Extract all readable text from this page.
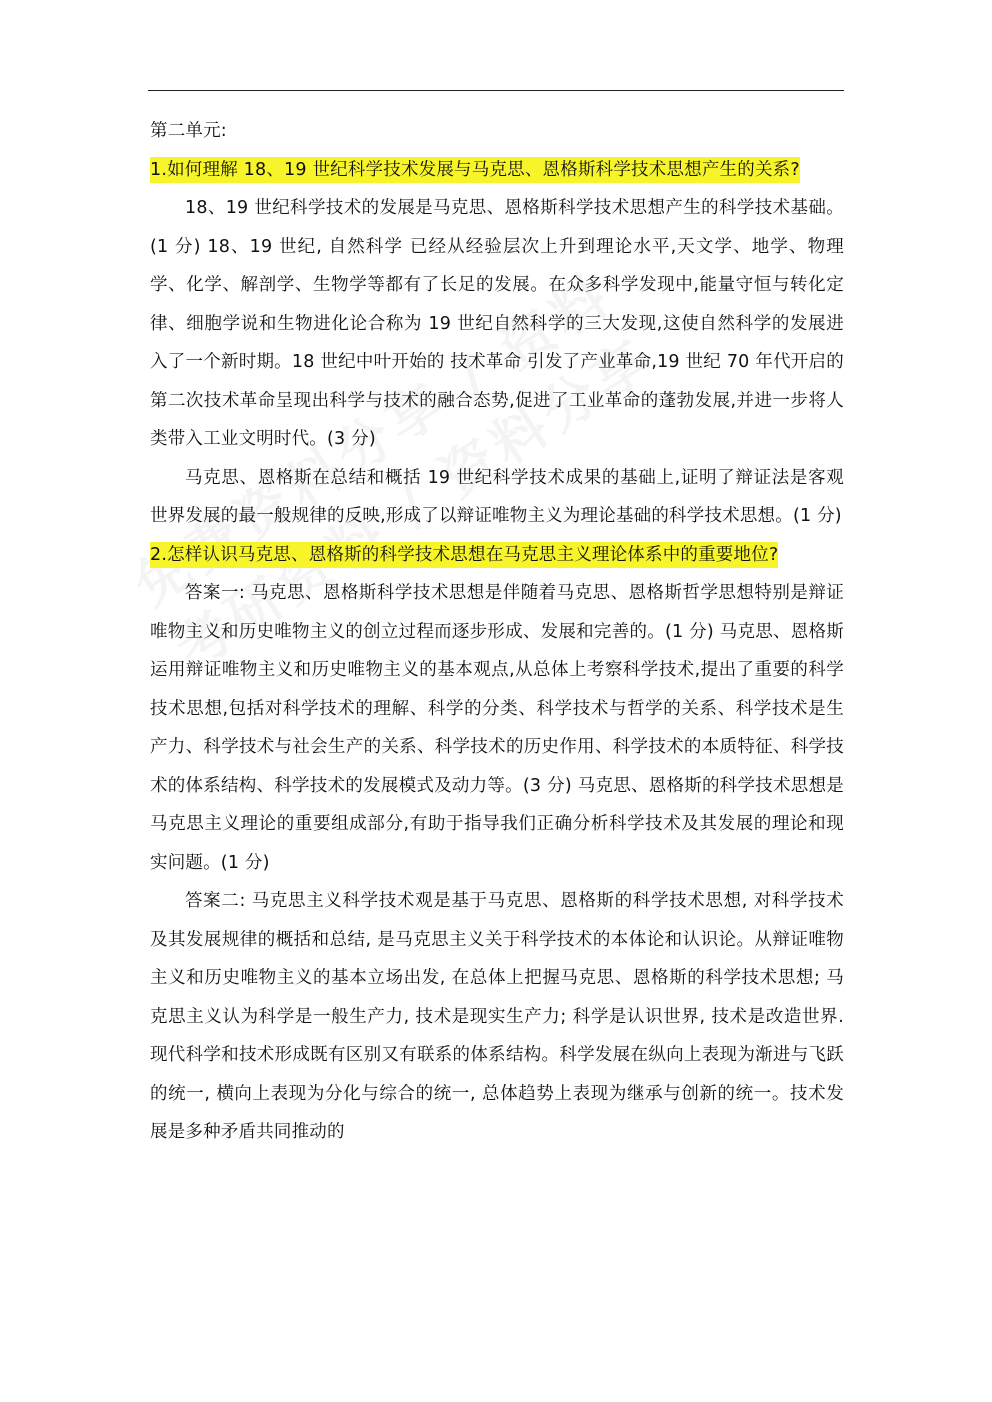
第二单元:

1.如何理解 18、19 世纪科学技术发展与马克思、恩格斯科学技术思想产生的关系?

18、19 世纪科学技术的发展是马克思、恩格斯科学技术思想产生的科学技术基础。(1 分) 18、19 世纪, 自然科学 已经从经验层次上升到理论水平,天文学、地学、物理学、化学、解剖学、生物学等都有了长足的发展。在众多科学发现中,能量守恒与转化定律、细胞学说和生物进化论合称为 19 世纪自然科学的三大发现,这使自然科学的发展进入了一个新时期。18 世纪中叶开始的 技术革命 引发了产业革命,19 世纪 70 年代开启的第二次技术革命呈现出科学与技术的融合态势,促进了工业革命的蓬勃发展,并进一步将人类带入工业文明时代。(3 分)

马克思、恩格斯在总结和概括 19 世纪科学技术成果的基础上,证明了辩证法是客观世界发展的最一般规律的反映,形成了以辩证唯物主义为理论基础的科学技术思想。(1 分)

2.怎样认识马克思、恩格斯的科学技术思想在马克思主义理论体系中的重要地位?

答案一: 马克思、恩格斯科学技术思想是伴随着马克思、恩格斯哲学思想特别是辩证唯物主义和历史唯物主义的创立过程而逐步形成、发展和完善的。(1 分) 马克思、恩格斯运用辩证唯物主义和历史唯物主义的基本观点,从总体上考察科学技术,提出了重要的科学技术思想,包括对科学技术的理解、科学的分类、科学技术与哲学的关系、科学技术是生产力、科学技术与社会生产的关系、科学技术的历史作用、科学技术的本质特征、科学技术的体系结构、科学技术的发展模式及动力等。(3 分) 马克思、恩格斯的科学技术思想是马克思主义理论的重要组成部分,有助于指导我们正确分析科学技术及其发展的理论和现实问题。(1 分)

答案二: 马克思主义科学技术观是基于马克思、恩格斯的科学技术思想, 对科学技术及其发展规律的概括和总结, 是马克思主义关于科学技术的本体论和认识论。从辩证唯物主义和历史唯物主义的基本立场出发, 在总体上把握马克思、恩格斯的科学技术思想; 马克思主义认为科学是一般生产力, 技术是现实生产力; 科学是认识世界, 技术是改造世界.现代科学和技术形成既有区别又有联系的体系结构。科学发展在纵向上表现为渐进与飞跃的统一, 横向上表现为分化与综合的统一, 总体趋势上表现为继承与创新的统一。技术发展是多种矛盾共同推动的
